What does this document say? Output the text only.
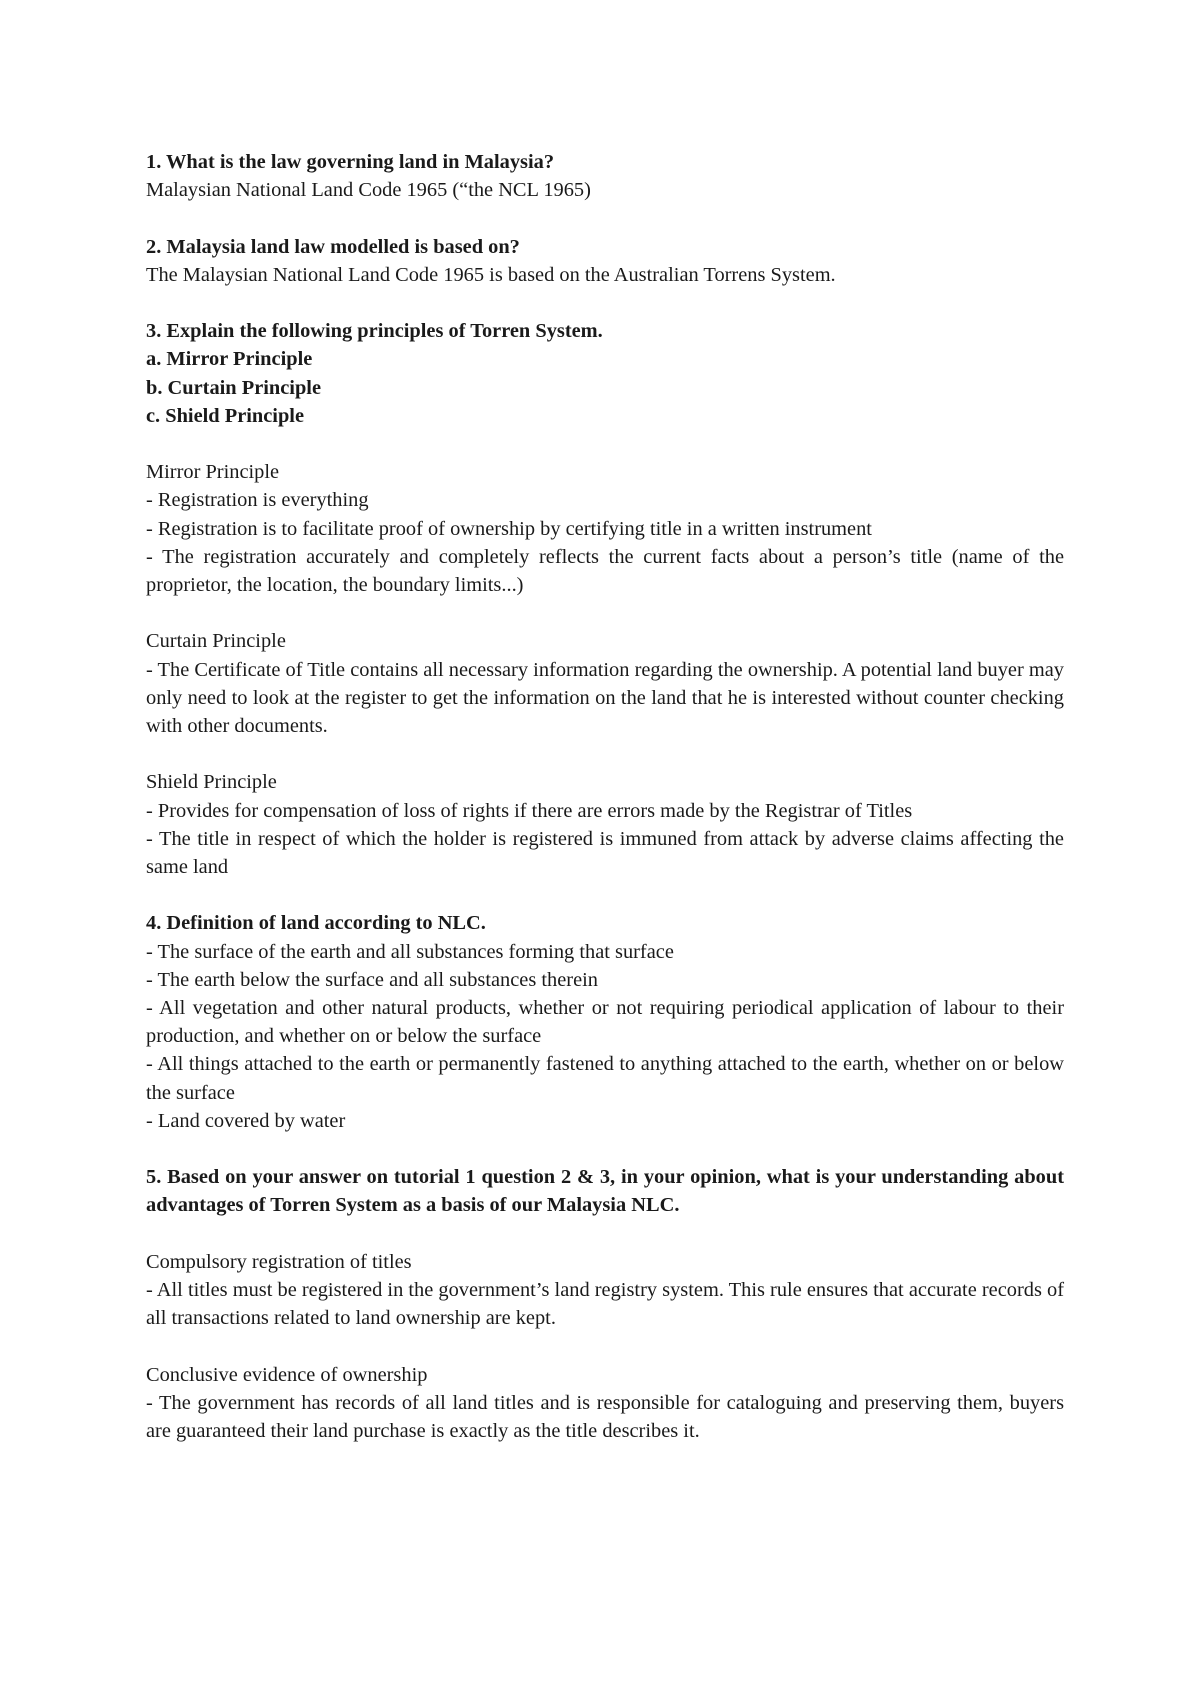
1. What is the law governing land in Malaysia?

Malaysian National Land Code 1965 (“the NCL 1965)

2. Malaysia land law modelled is based on?

The Malaysian National Land Code 1965 is based on the Australian Torrens System.

3. Explain the following principles of Torren System.

a. Mirror Principle

b. Curtain Principle

c. Shield Principle

Mirror Principle

- Registration is everything
- Registration is to facilitate proof of ownership by certifying title in a written instrument
- The registration accurately and completely reflects the current facts about a person’s title (name of the proprietor, the location, the boundary limits...)

Curtain Principle

- The Certificate of Title contains all necessary information regarding the ownership. A potential land buyer may only need to look at the register to get the information on the land that he is interested without counter checking with other documents.

Shield Principle

- Provides for compensation of loss of rights if there are errors made by the Registrar of Titles
- The title in respect of which the holder is registered is immuned from attack by adverse claims affecting the same land

4. Definition of land according to NLC.

- The surface of the earth and all substances forming that surface
- The earth below the surface and all substances therein
- All vegetation and other natural products, whether or not requiring periodical application of labour to their production, and whether on or below the surface
- All things attached to the earth or permanently fastened to anything attached to the earth, whether on or below the surface
- Land covered by water

5. Based on your answer on tutorial 1 question 2 & 3, in your opinion, what is your understanding about advantages of Torren System as a basis of our Malaysia NLC.

Compulsory registration of titles

- All titles must be registered in the government’s land registry system. This rule ensures that accurate records of all transactions related to land ownership are kept.

Conclusive evidence of ownership

- The government has records of all land titles and is responsible for cataloguing and preserving them, buyers are guaranteed their land purchase is exactly as the title describes it.
